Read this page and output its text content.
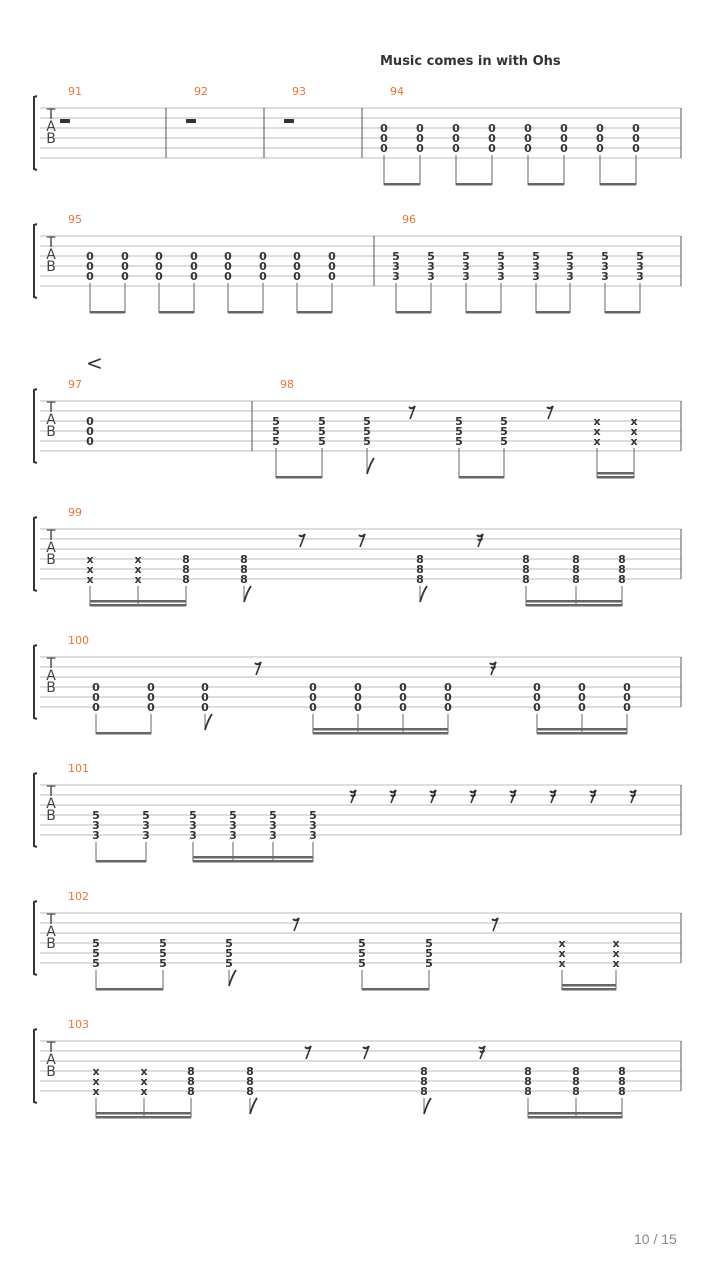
Music comes in with Ohs
<
T
A
B
91	92	93	94
0
0
0
0
0
0
0
0
0
0
0
0
0
0
0
0
0
0
0
0
0
0
0
0
T
A
B
95
0
0
0
0
0
0
0
0
0
0
0
0
0
0
0
0
0
0
0
0
0
0
0
0
96
5
3
3
5
3
3
5
3
3
5
3
3
5
3
3
5
3
3
5
3
3
5
3
3
T
A
B
97
0
0
0
98
5
5
5
5
5
5
5
5
5
5
5
5
5
5
5
x
x
x
x
x
x
T
A
B
99
x
x
x
x
x
x
8
8
8
8
8
8
8
8
8
8
8
8
8
8
8
8
8
8
T
A
B
100
0
0
0
0
0
0
0
0
0
0
0
0
0
0
0
0
0
0
0
0
0
0
0
0
0
0
0
0
0
0
T
A
B
101
5
3
3
5
3
3
5
3
3
5
3
3
5
3
3
5
3
3
T
A
B
102
5
5
5
5
5
5
5
5
5
5
5
5
5
5
5
x
x
x
x
x
x
T
A
B
103
x
x
x
x
x
x
8
8
8
8
8
8
8
8
8
8
8
8
8
8
8
8
8
8
10 / 15
